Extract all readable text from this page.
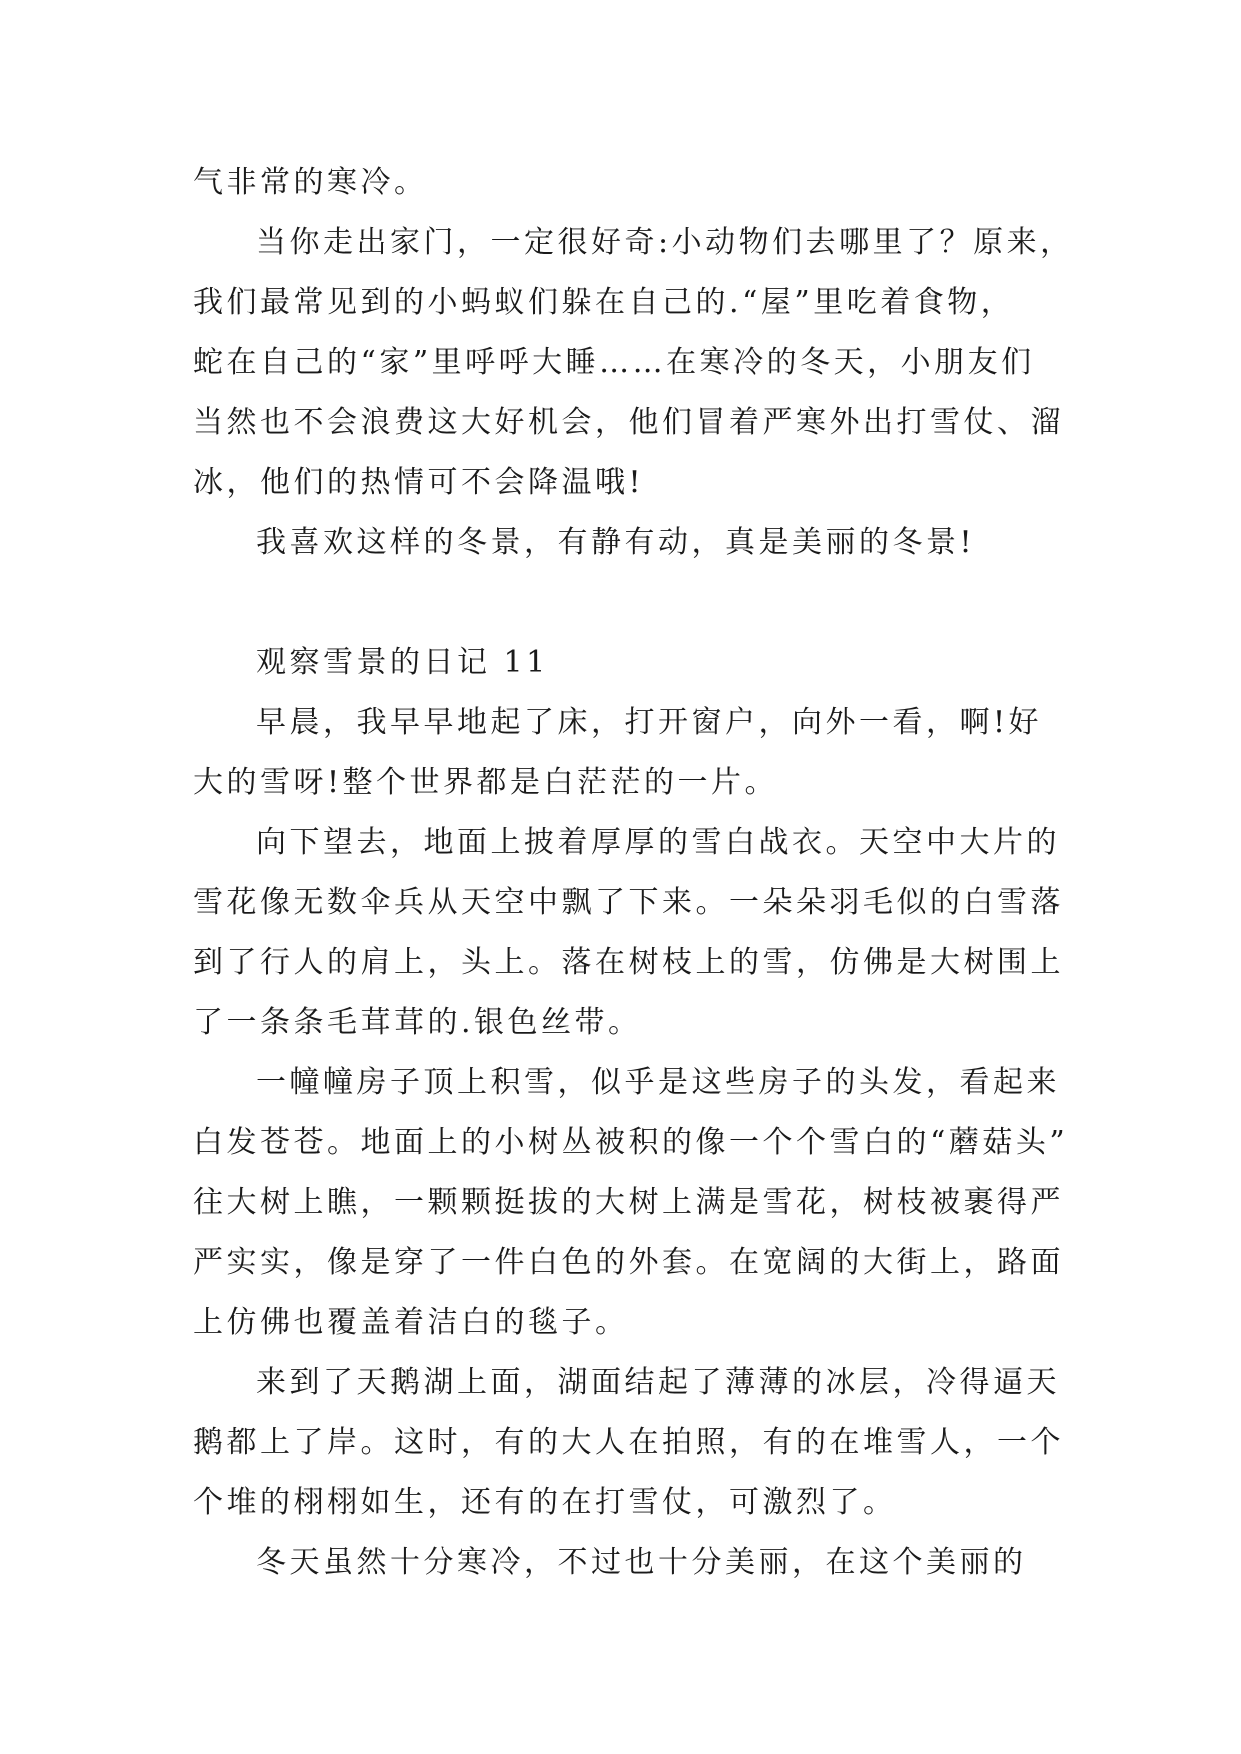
气非常的寒冷。
当你走出家门，一定很好奇:小动物们去哪里了？原来，
我们最常见到的小蚂蚁们躲在自己的.“屋”里吃着食物，
蛇在自己的“家”里呼呼大睡……在寒冷的冬天，小朋友们
当然也不会浪费这大好机会，他们冒着严寒外出打雪仗、溜
冰，他们的热情可不会降温哦!
我喜欢这样的冬景，有静有动，真是美丽的冬景!
观察雪景的日记 11
早晨，我早早地起了床，打开窗户，向外一看，啊!好
大的雪呀!整个世界都是白茫茫的一片。
向下望去，地面上披着厚厚的雪白战衣。天空中大片的
雪花像无数伞兵从天空中飘了下来。一朵朵羽毛似的白雪落
到了行人的肩上，头上。落在树枝上的雪，仿佛是大树围上
了一条条毛茸茸的.银色丝带。
一幢幢房子顶上积雪，似乎是这些房子的头发，看起来
白发苍苍。地面上的小树丛被积的像一个个雪白的“蘑菇头”
往大树上瞧，一颗颗挺拔的大树上满是雪花，树枝被裹得严
严实实，像是穿了一件白色的外套。在宽阔的大街上，路面
上仿佛也覆盖着洁白的毯子。
来到了天鹅湖上面，湖面结起了薄薄的冰层，冷得逼天
鹅都上了岸。这时，有的大人在拍照，有的在堆雪人，一个
个堆的栩栩如生，还有的在打雪仗，可激烈了。
冬天虽然十分寒冷，不过也十分美丽，在这个美丽的
